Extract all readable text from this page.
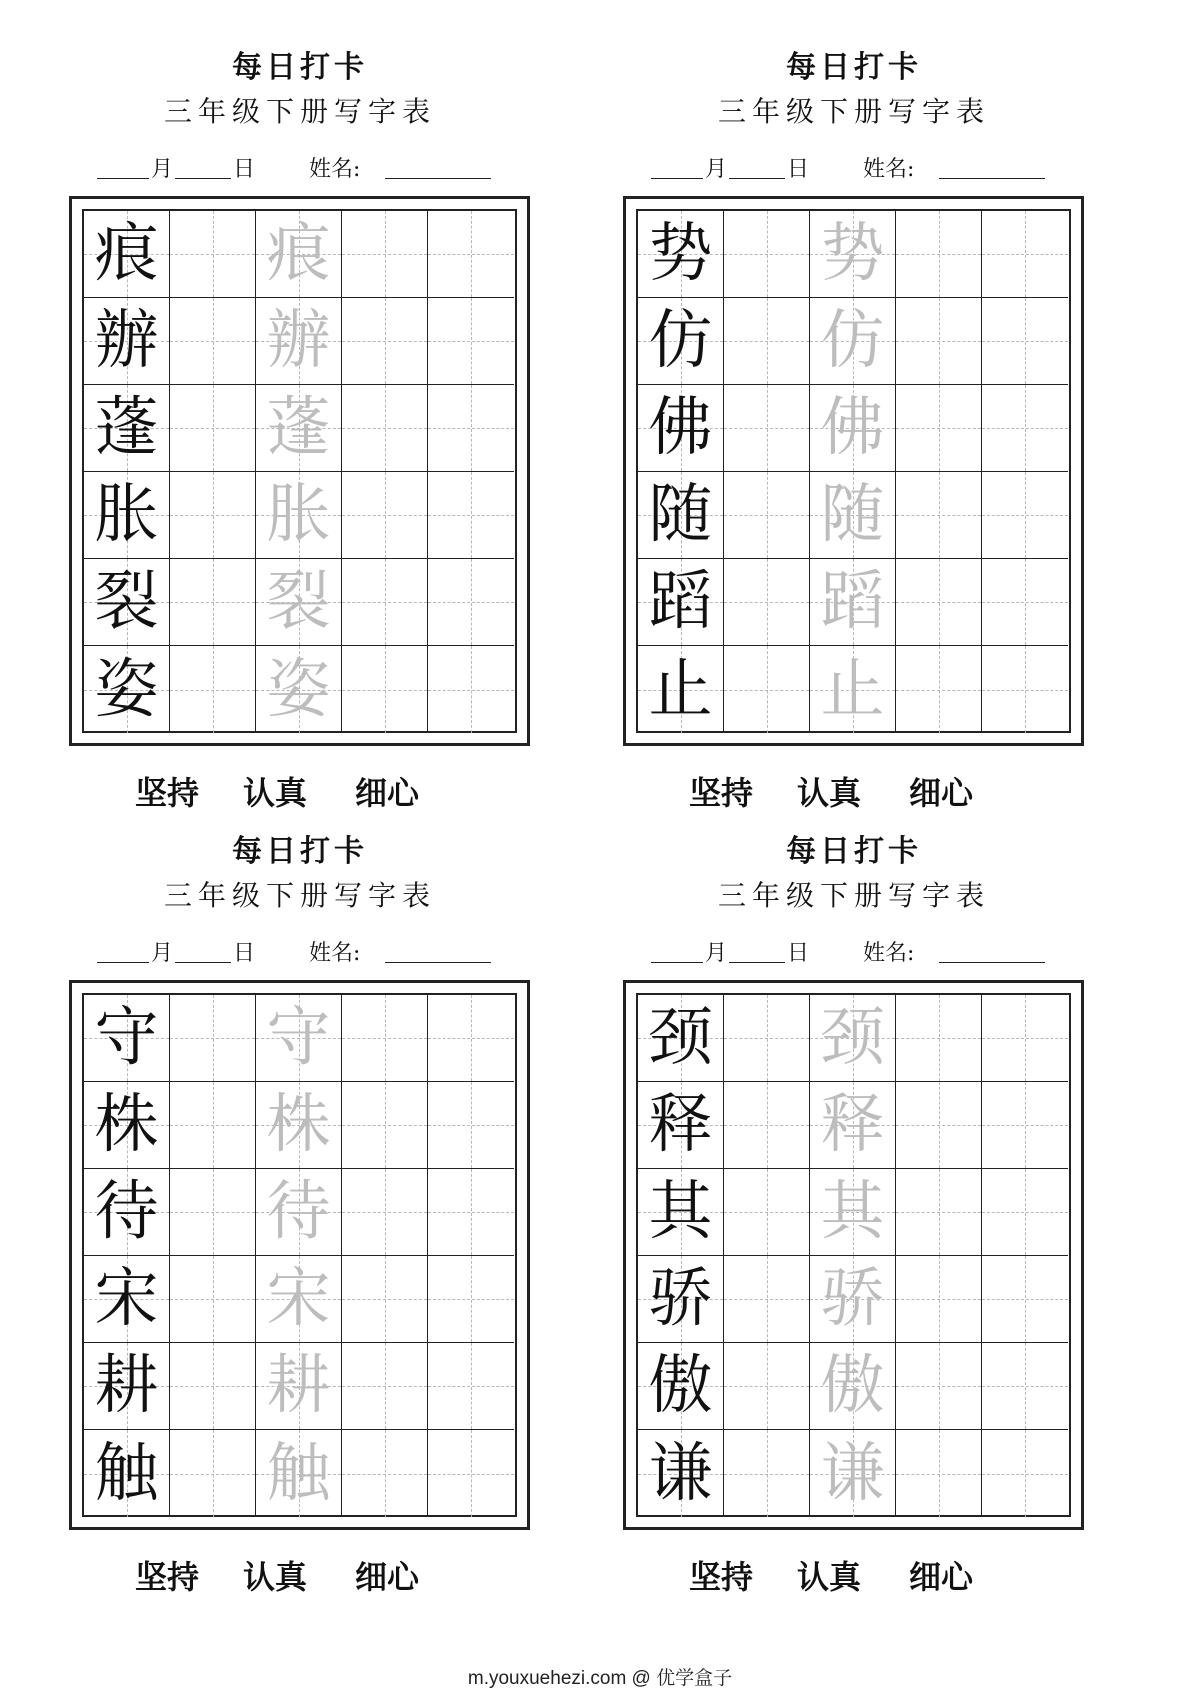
每日打卡
三年级下册写字表
月	日 姓名:
痕 痕
辦 辦
蓬 蓬
胀 胀
裂 裂
姿 姿
坚持 认真 细心
每日打卡
三年级下册写字表
月	日 姓名:
势 势
仿 仿
佛 佛
随 随
蹈 蹈
止 止
坚持 认真 细心
每日打卡
三年级下册写字表
月	日 姓名:
守 守
株 株
待 待
宋 宋
耕 耕
触 触
坚持 认真 细心
每日打卡
三年级下册写字表
月	日 姓名:
颈 颈
释 释
其 其
骄 骄
傲 傲
谦 谦
坚持 认真 细心
m.youxuehezi.com @ 优学盒子
